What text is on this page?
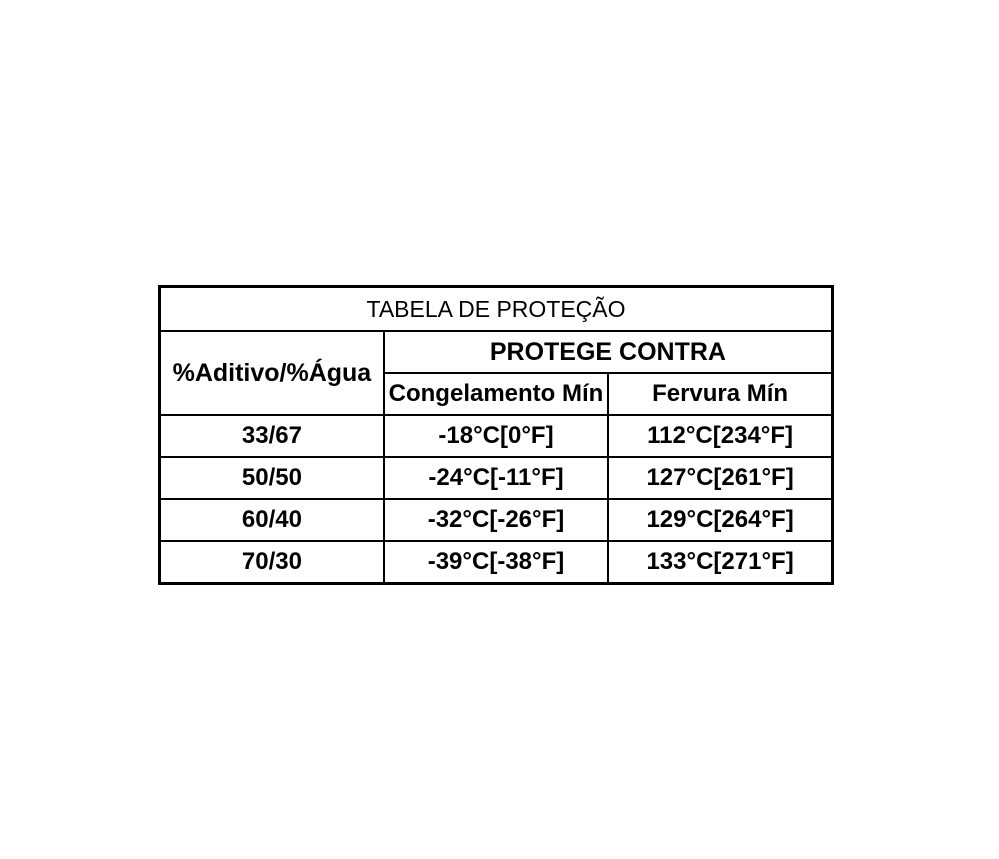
TABELA DE PROTEÇÃO		
%Aditivo/%Água	PROTEGE CONTRA	
	Congelamento Mín	Fervura Mín
33/67	-18°C[0°F]	112°C[234°F]
50/50	-24°C[-11°F]	127°C[261°F]
60/40	-32°C[-26°F]	129°C[264°F]
70/30	-39°C[-38°F]	133°C[271°F]
